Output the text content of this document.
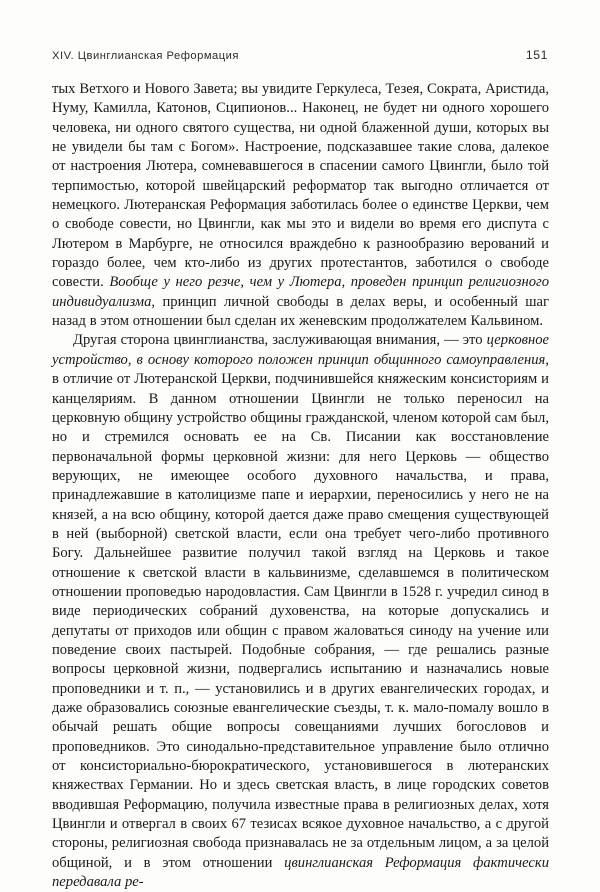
XIV. Цвинглианская Реформация	151

тых Ветхого и Нового Завета; вы увидите Геркулеса, Тезея, Сократа, Аристида, Нуму, Камилла, Катонов, Сципионов... Наконец, не будет ни одного хорошего человека, ни одного святого существа, ни одной блаженной души, которых вы не увидели бы там с Богом». Настроение, подсказавшее такие слова, далекое от настроения Лютера, сомневавшегося в спасении самого Цвингли, было той терпимостью, которой швейцарский реформатор так выгодно отличается от немецкого. Лютеранская Реформация заботилась более о единстве Церкви, чем о свободе совести, но Цвингли, как мы это и видели во время его диспута с Лютером в Марбурге, не относился враждебно к разнообразию верований и гораздо более, чем кто-либо из других протестантов, заботился о свободе совести. Вообще у него резче, чем у Лютера, проведен принцип религиозного индивидуализма, принцип личной свободы в делах веры, и особенный шаг назад в этом отношении был сделан их женевским продолжателем Кальвином.

Другая сторона цвинглианства, заслуживающая внимания, — это церковное устройство, в основу которого положен принцип общинного самоуправления, в отличие от Лютеранской Церкви, подчинившейся княжеским консисториям и канцеляриям. В данном отношении Цвингли не только переносил на церковную общину устройство общины гражданской, членом которой сам был, но и стремился основать ее на Св. Писании как восстановление первоначальной формы церковной жизни: для него Церковь — общество верующих, не имеющее особого духовного начальства, и права, принадлежавшие в католицизме папе и иерархии, переносились у него не на князей, а на всю общину, которой дается даже право смещения существующей в ней (выборной) светской власти, если она требует чего-либо противного Богу. Дальнейшее развитие получил такой взгляд на Церковь и такое отношение к светской власти в кальвинизме, сделавшемся в политическом отношении проповедью народовластия. Сам Цвингли в 1528 г. учредил синод в виде периодических собраний духовенства, на которые допускались и депутаты от приходов или общин с правом жаловаться синоду на учение или поведение своих пастырей. Подобные собрания, — где решались разные вопросы церковной жизни, подвергались испытанию и назначались новые проповедники и т. п., — установились и в других евангелических городах, и даже образовались союзные евангелические съезды, т. к. мало-помалу вошло в обычай решать общие вопросы совещаниями лучших богословов и проповедников. Это синодально-представительное управление было отлично от консисториально-бюрократического, установившегося в лютеранских княжествах Германии. Но и здесь светская власть, в лице городских советов вводившая Реформацию, получила известные права в религиозных делах, хотя Цвингли и отвергал в своих 67 тезисах всякое духовное начальство, а с другой стороны, религиозная свобода признавалась не за отдельным лицом, а за целой общиной, и в этом отношении цвинглианская Реформация фактически передавала ре-
